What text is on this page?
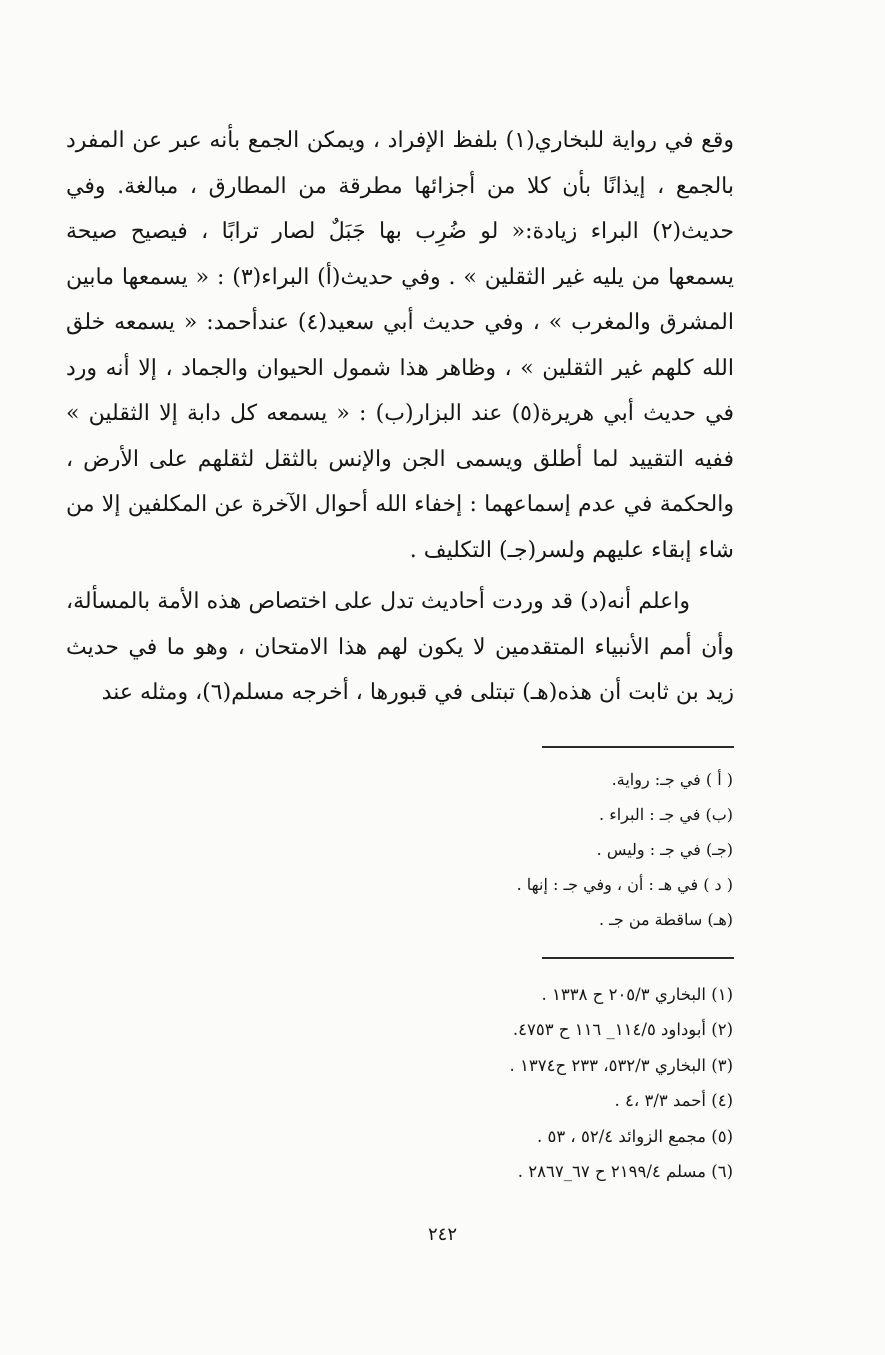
وقع في رواية للبخاري(١) بلفظ الإفراد ، ويمكن الجمع بأنه عبر عن المفرد بالجمع ، إيذانًا بأن كلا من أجزائها مطرقة من المطارق ، مبالغة. وفي حديث(٢) البراء زيادة:« لو ضُرِب بها جَبَلٌ لصار ترابًا ، فيصيح صيحة يسمعها من يليه غير الثقلين » . وفي حديث(أ) البراء(٣) : « يسمعها مابين المشرق والمغرب » ، وفي حديث أبي سعيد(٤) عندأحمد: « يسمعه خلق الله كلهم غير الثقلين » ، وظاهر هذا شمول الحيوان والجماد ، إلا أنه ورد في حديث أبي هريرة(٥) عند البزار(ب) : « يسمعه كل دابة إلا الثقلين » ففيه التقييد لما أطلق ويسمى الجن والإنس بالثقل لثقلهم على الأرض ، والحكمة في عدم إسماعهما : إخفاء الله أحوال الآخرة عن المكلفين إلا من شاء إبقاء عليهم ولسر(جـ) التكليف .

واعلم أنه(د) قد وردت أحاديث تدل على اختصاص هذه الأمة بالمسألة، وأن أمم الأنبياء المتقدمين لا يكون لهم هذا الامتحان ، وهو ما في حديث زيد بن ثابت أن هذه(هـ) تبتلى في قبورها ، أخرجه مسلم(٦)، ومثله عند

( أ ) في جـ: رواية.
(ب) في جـ : البراء .
(جـ) في جـ : وليس .
( د ) في هـ : أن ، وفي جـ : إنها .
(هـ) ساقطة من جـ .
(١) البخاري ٢٠٥/٣ ح ١٣٣٨ .
(٢) أبوداود ١١٤/٥_ ١١٦ ح ٤٧٥٣.
(٣) البخاري ٥٣٢/٣، ٢٣٣ ح١٣٧٤ .
(٤) أحمد ٣/٣ ،٤ .
(٥) مجمع الزوائد ٥٢/٤ ، ٥٣ .
(٦) مسلم ٢١٩٩/٤ ح ٦٧_٢٨٦٧ .
٢٤٢
